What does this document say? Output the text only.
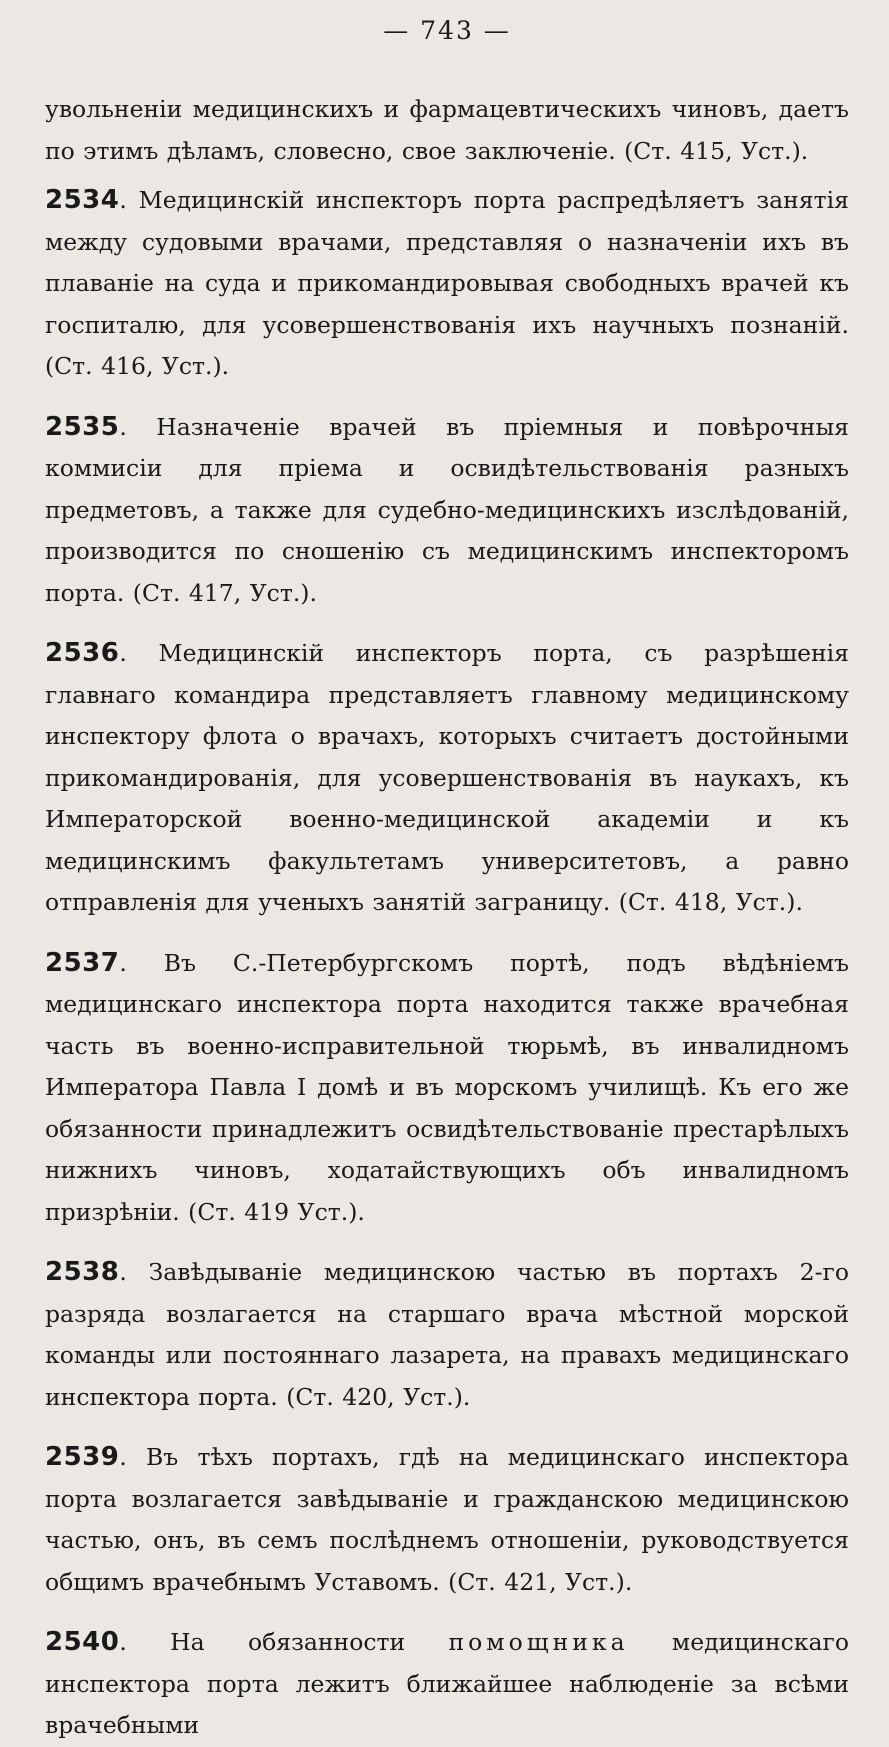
— 743 —

увольненіи медицинскихъ и фармацевтическихъ чиновъ, даетъ по этимъ дѣламъ, словесно, свое заключеніе. (Ст. 415, Уст.).

2534. Медицинскій инспекторъ порта распредѣляетъ занятія между судовыми врачами, представляя о назначеніи ихъ въ плаваніе на суда и прикомандировывая свободныхъ врачей къ госпиталю, для усовершенствованія ихъ научныхъ познаній. (Ст. 416, Уст.).

2535. Назначеніе врачей въ пріемныя и повѣрочныя коммисіи для пріема и освидѣтельствованія разныхъ предметовъ, а также для судебно-медицинскихъ изслѣдованій, производится по сношенію съ медицинскимъ инспекторомъ порта. (Ст. 417, Уст.).

2536. Медицинскій инспекторъ порта, съ разрѣшенія главнаго командира представляетъ главному медицинскому инспектору флота о врачахъ, которыхъ считаетъ достойными прикомандированія, для усовершенствованія въ наукахъ, къ Императорской военно-медицинской академіи и къ медицинскимъ факультетамъ университетовъ, а равно отправленія для ученыхъ занятій заграницу. (Ст. 418, Уст.).

2537. Въ С.-Петербургскомъ портѣ, подъ вѣдѣніемъ медицинскаго инспектора порта находится также врачебная часть въ военно-исправительной тюрьмѣ, въ инвалидномъ Императора Павла I домѣ и въ морскомъ училищѣ. Къ его же обязанности принадлежитъ освидѣтельствованіе престарѣлыхъ нижнихъ чиновъ, ходатайствующихъ объ инвалидномъ призрѣніи. (Ст. 419 Уст.).

2538. Завѣдываніе медицинскою частью въ портахъ 2-го разряда возлагается на старшаго врача мѣстной морской команды или постояннаго лазарета, на правахъ медицинскаго инспектора порта. (Ст. 420, Уст.).

2539. Въ тѣхъ портахъ, гдѣ на медицинскаго инспектора порта возлагается завѣдываніе и гражданскою медицинскою частью, онъ, въ семъ послѣднемъ отношеніи, руководствуется общимъ врачебнымъ Уставомъ. (Ст. 421, Уст.).

2540. На обязанности помощника медицинскаго инспектора порта лежитъ ближайшее наблюденіе за всѣми врачебными
